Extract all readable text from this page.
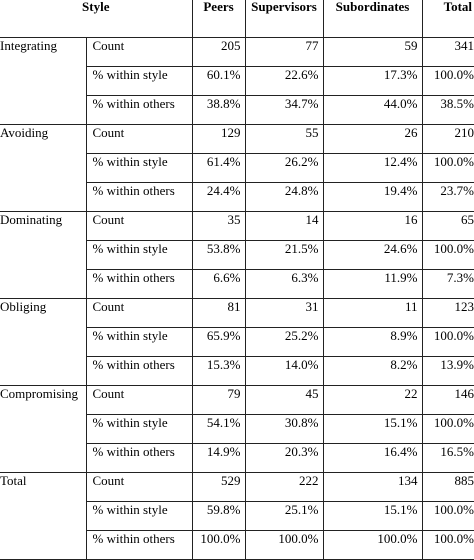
Style		Peers	Supervisors	Subordinates	Total
Integrating	Count	205	77	59	341
	% within style	60.1%	22.6%	17.3%	100.0%
	% within others	38.8%	34.7%	44.0%	38.5%
Avoiding	Count	129	55	26	210
	% within style	61.4%	26.2%	12.4%	100.0%
	% within others	24.4%	24.8%	19.4%	23.7%
Dominating	Count	35	14	16	65
	% within style	53.8%	21.5%	24.6%	100.0%
	% within others	6.6%	6.3%	11.9%	7.3%
Obliging	Count	81	31	11	123
	% within style	65.9%	25.2%	8.9%	100.0%
	% within others	15.3%	14.0%	8.2%	13.9%
Compromising	Count	79	45	22	146
	% within style	54.1%	30.8%	15.1%	100.0%
	% within others	14.9%	20.3%	16.4%	16.5%
Total	Count	529	222	134	885
	% within style	59.8%	25.1%	15.1%	100.0%
	% within others	100.0%	100.0%	100.0%	100.0%
